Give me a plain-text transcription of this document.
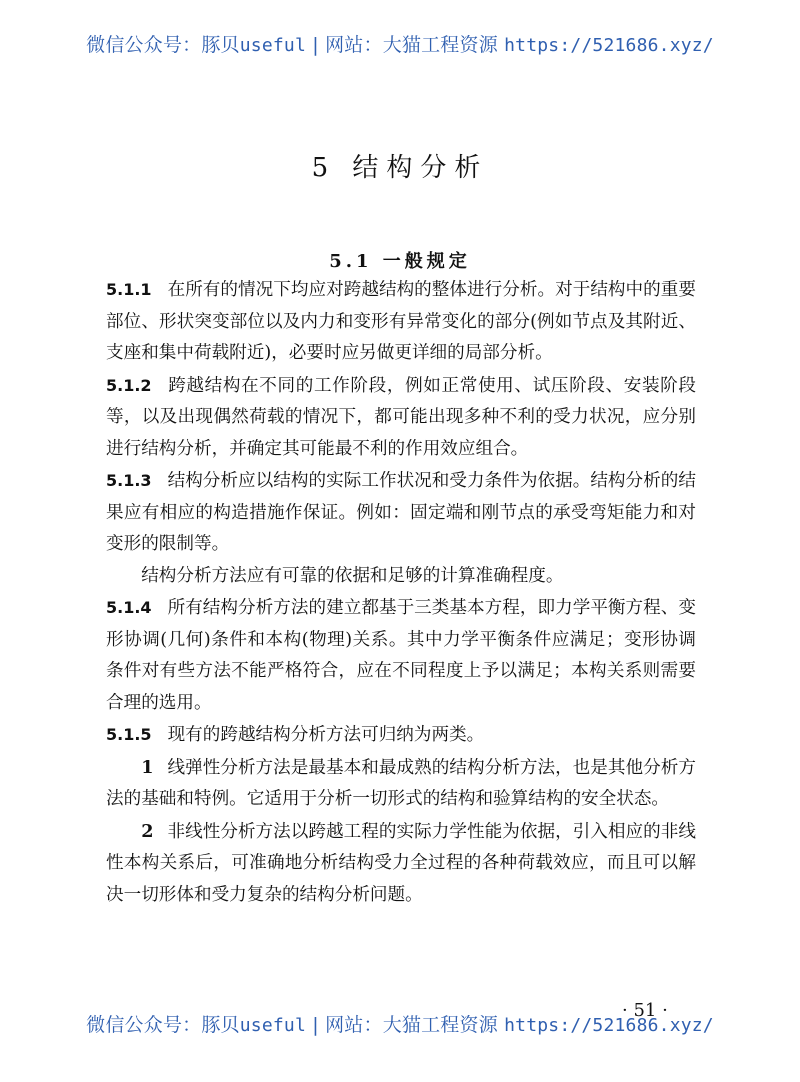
微信公众号：豚贝useful | 网站：大猫工程资源 https://521686.xyz/
5 结构分析
5.1 一般规定

5.1.1 在所有的情况下均应对跨越结构的整体进行分析。对于结构中的重要部位、形状突变部位以及内力和变形有异常变化的部分(例如节点及其附近、支座和集中荷载附近)，必要时应另做更详细的局部分析。

5.1.2 跨越结构在不同的工作阶段，例如正常使用、试压阶段、安装阶段等，以及出现偶然荷载的情况下，都可能出现多种不利的受力状况，应分别进行结构分析，并确定其可能最不利的作用效应组合。

5.1.3 结构分析应以结构的实际工作状况和受力条件为依据。结构分析的结果应有相应的构造措施作保证。例如：固定端和刚节点的承受弯矩能力和对变形的限制等。

结构分析方法应有可靠的依据和足够的计算准确程度。

5.1.4 所有结构分析方法的建立都基于三类基本方程，即力学平衡方程、变形协调(几何)条件和本构(物理)关系。其中力学平衡条件应满足；变形协调条件对有些方法不能严格符合，应在不同程度上予以满足；本构关系则需要合理的选用。

5.1.5 现有的跨越结构分析方法可归纳为两类。

1 线弹性分析方法是最基本和最成熟的结构分析方法，也是其他分析方法的基础和特例。它适用于分析一切形式的结构和验算结构的安全状态。

2 非线性分析方法以跨越工程的实际力学性能为依据，引入相应的非线性本构关系后，可准确地分析结构受力全过程的各种荷载效应，而且可以解决一切形体和受力复杂的结构分析问题。

· 51 ·
微信公众号：豚贝useful | 网站：大猫工程资源 https://521686.xyz/
